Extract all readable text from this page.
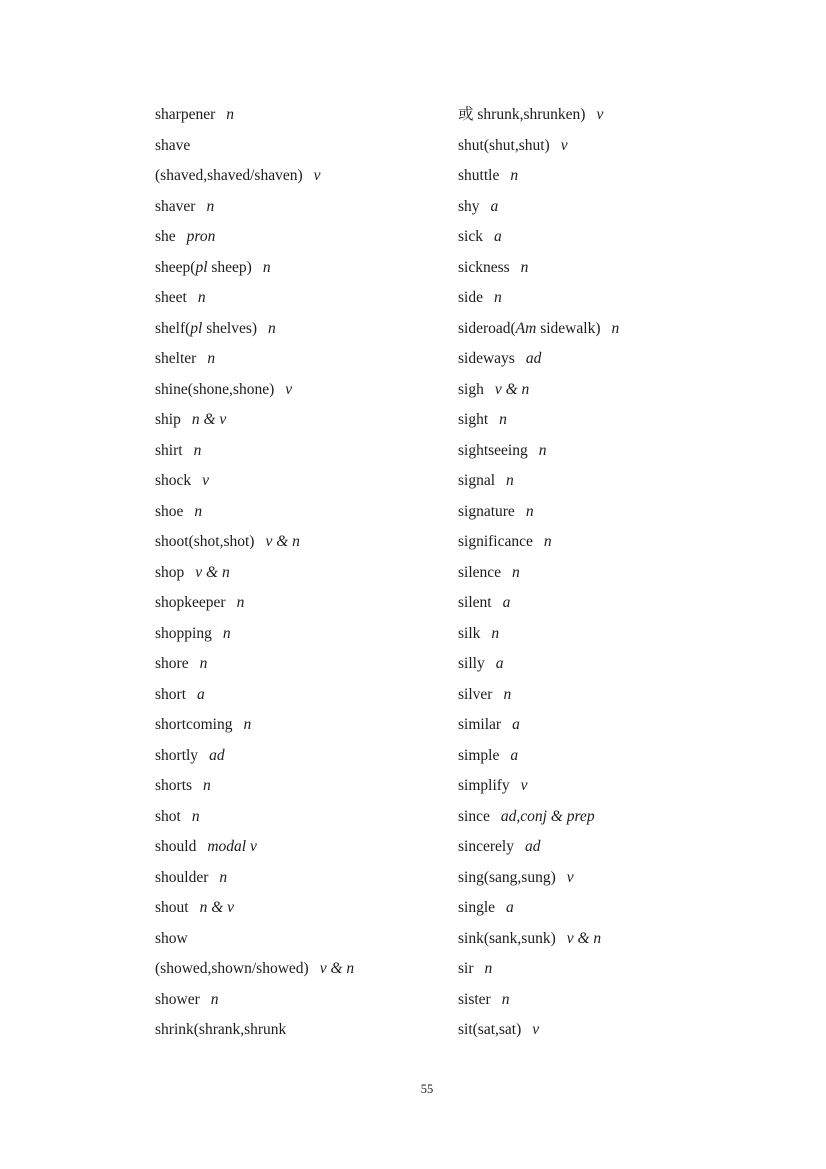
sharpener n
shave
(shaved,shaved/shaven) v
shaver n
she pron
sheep(pl sheep) n
sheet n
shelf(pl shelves) n
shelter n
shine(shone,shone) v
ship n & v
shirt n
shock v
shoe n
shoot(shot,shot) v & n
shop v & n
shopkeeper n
shopping n
shore n
short a
shortcoming n
shortly ad
shorts n
shot n
should modal v
shoulder n
shout n & v
show
(showed,shown/showed) v & n
shower n
shrink(shrank,shrunk
或 shrunk,shrunken) v
shut(shut,shut) v
shuttle n
shy a
sick a
sickness n
side n
sideroad(Am sidewalk) n
sideways ad
sigh v & n
sight n
sightseeing n
signal n
signature n
significance n
silence n
silent a
silk n
silly a
silver n
similar a
simple a
simplify v
since ad,conj & prep
sincerely ad
sing(sang,sung) v
single a
sink(sank,sunk) v & n
sir n
sister n
sit(sat,sat) v
55
